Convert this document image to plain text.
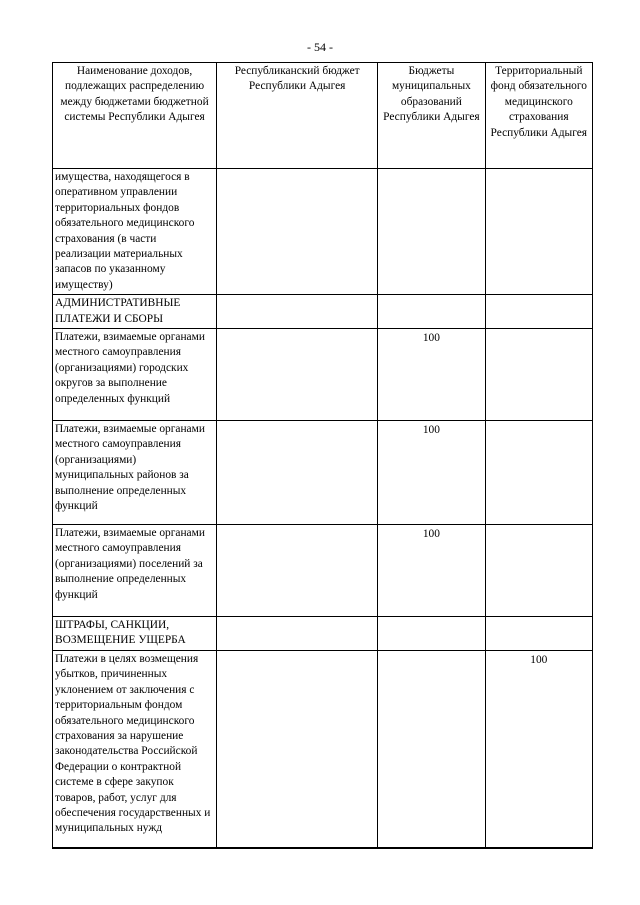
- 54 -
Наименование доходов, подлежащих распределению между бюджетами бюджетной системы Республики Адыгея	Республиканский бюджет Республики Адыгея	Бюджеты муниципальных образований Республики Адыгея	Территориальный фонд обязательного медицинского страхования Республики Адыгея
имущества, находящегося в оперативном управлении территориальных фондов обязательного медицинского страхования (в части реализации материальных запасов по указанному имуществу)			
АДМИНИСТРАТИВНЫЕ ПЛАТЕЖИ И СБОРЫ			
Платежи, взимаемые органами местного самоуправления (организациями) городских округов за выполнение определенных функций		100	
Платежи, взимаемые органами местного самоуправления (организациями) муниципальных районов за выполнение определенных функций		100	
Платежи, взимаемые органами местного самоуправления (организациями) поселений за выполнение определенных функций		100	
ШТРАФЫ, САНКЦИИ, ВОЗМЕЩЕНИЕ УЩЕРБА			
Платежи в целях возмещения убытков, причиненных уклонением от заключения с территориальным фондом обязательного медицинского страхования за нарушение законодательства Российской Федерации о контрактной системе в сфере закупок товаров, работ, услуг для обеспечения государственных и муниципальных нужд			100
